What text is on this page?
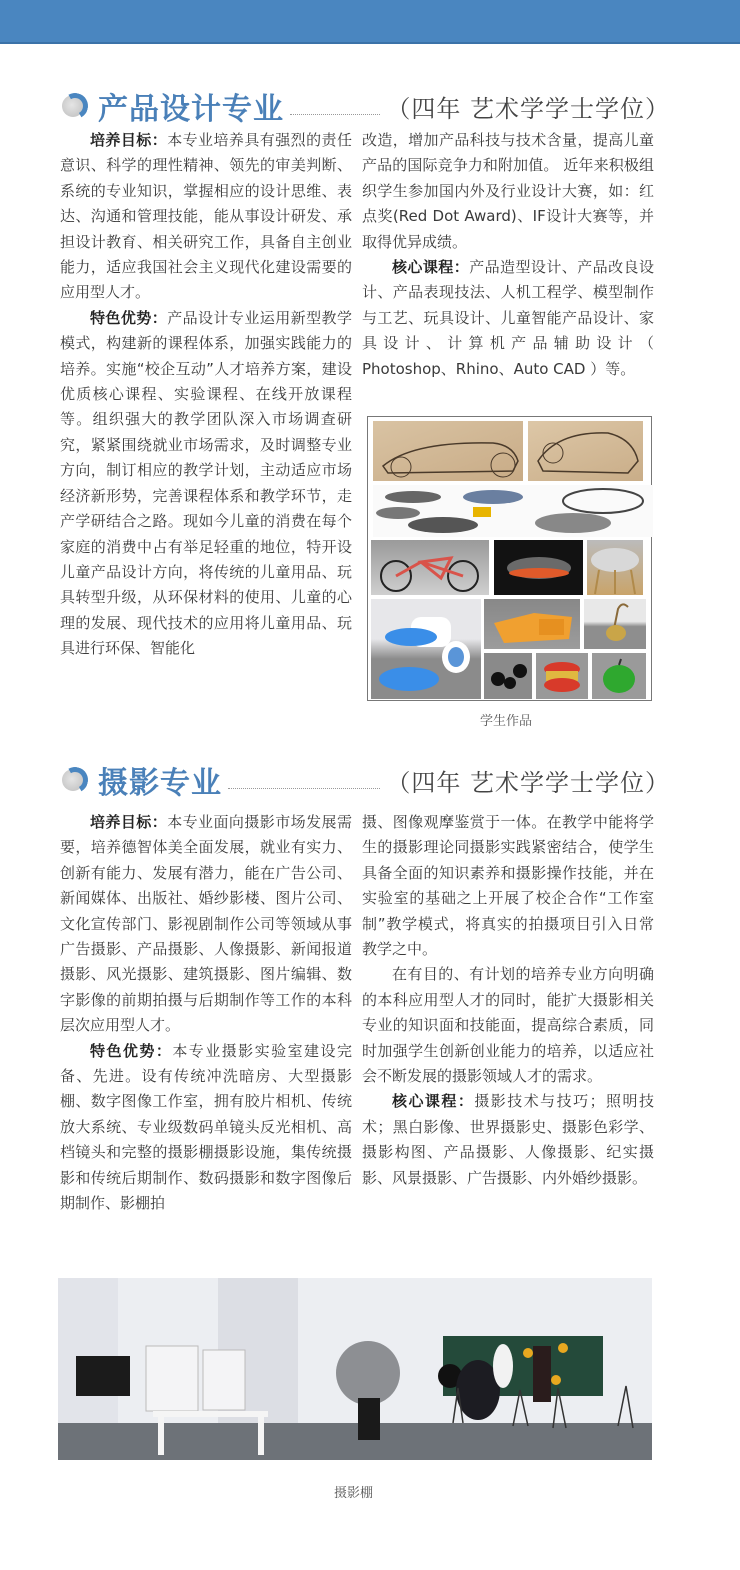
产品设计专业	（四年 艺术学学士学位）

培养目标：本专业培养具有强烈的责任意识、科学的理性精神、领先的审美判断、系统的专业知识，掌握相应的设计思维、表达、沟通和管理技能，能从事设计研发、承担设计教育、相关研究工作，具备自主创业能力，适应我国社会主义现代化建设需要的应用型人才。

特色优势：产品设计专业运用新型教学模式，构建新的课程体系，加强实践能力的培养。实施“校企互动”人才培养方案，建设优质核心课程、实验课程、在线开放课程等。组织强大的教学团队深入市场调查研究，紧紧围绕就业市场需求，及时调整专业方向，制订相应的教学计划，主动适应市场经济新形势，完善课程体系和教学环节，走产学研结合之路。现如今儿童的消费在每个家庭的消费中占有举足轻重的地位，特开设儿童产品设计方向，将传统的儿童用品、玩具转型升级，从环保材料的使用、儿童的心理的发展、现代技术的应用将儿童用品、玩具进行环保、智能化

改造，增加产品科技与技术含量，提高儿童产品的国际竞争力和附加值。 近年来积极组织学生参加国内外及行业设计大赛，如：红点奖(Red Dot Award)、IF设计大赛等，并取得优异成绩。

核心课程：产品造型设计、产品改良设计、产品表现技法、人机工程学、模型制作与工艺、玩具设计、儿童智能产品设计、家具设计、计算机产品辅助设计（ Photoshop、Rhino、Auto CAD ）等。

学生作品
摄影专业	（四年 艺术学学士学位）

培养目标：本专业面向摄影市场发展需要，培养德智体美全面发展，就业有实力、创新有能力、发展有潜力，能在广告公司、新闻媒体、出版社、婚纱影楼、图片公司、文化宣传部门、影视剧制作公司等领域从事广告摄影、产品摄影、人像摄影、新闻报道摄影、风光摄影、建筑摄影、图片编辑、数字影像的前期拍摄与后期制作等工作的本科层次应用型人才。

特色优势：本专业摄影实验室建设完备、先进。设有传统冲洗暗房、大型摄影棚、数字图像工作室，拥有胶片相机、传统放大系统、专业级数码单镜头反光相机、高档镜头和完整的摄影棚摄影设施，集传统摄影和传统后期制作、数码摄影和数字图像后期制作、影棚拍

摄、图像观摩鉴赏于一体。在教学中能将学生的摄影理论同摄影实践紧密结合，使学生具备全面的知识素养和摄影操作技能，并在实验室的基础之上开展了校企合作“工作室制”教学模式，将真实的拍摄项目引入日常教学之中。

在有目的、有计划的培养专业方向明确的本科应用型人才的同时，能扩大摄影相关专业的知识面和技能面，提高综合素质，同时加强学生创新创业能力的培养，以适应社会不断发展的摄影领域人才的需求。

核心课程：摄影技术与技巧；照明技术；黑白影像、世界摄影史、摄影色彩学、摄影构图、产品摄影、人像摄影、纪实摄影、风景摄影、广告摄影、内外婚纱摄影。

摄影棚
